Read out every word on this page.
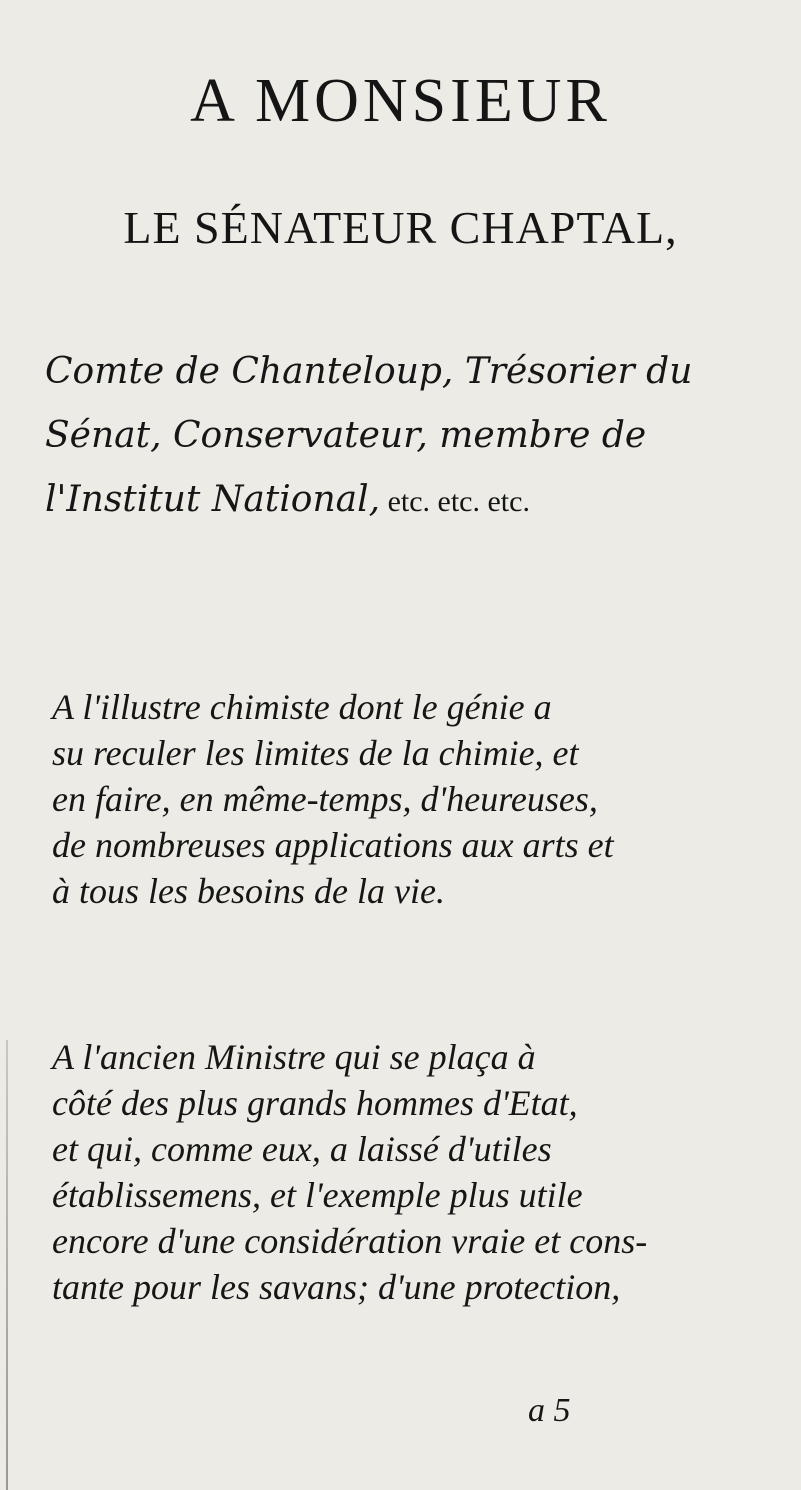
A MONSIEUR
LE SÉNATEUR CHAPTAL,
Comte de Chanteloup, Trésorier du
Sénat, Conservateur, membre de
l'Institut National, etc. etc. etc.
A l'illustre chimiste dont le génie a
su reculer les limites de la chimie, et
en faire, en même-temps, d'heureuses,
de nombreuses applications aux arts et
à tous les besoins de la vie.
A l'ancien Ministre qui se plaça à
côté des plus grands hommes d'Etat,
et qui, comme eux, a laissé d'utiles
établissemens, et l'exemple plus utile
encore d'une considération vraie et cons-
tante pour les savans; d'une protection,
a 5
